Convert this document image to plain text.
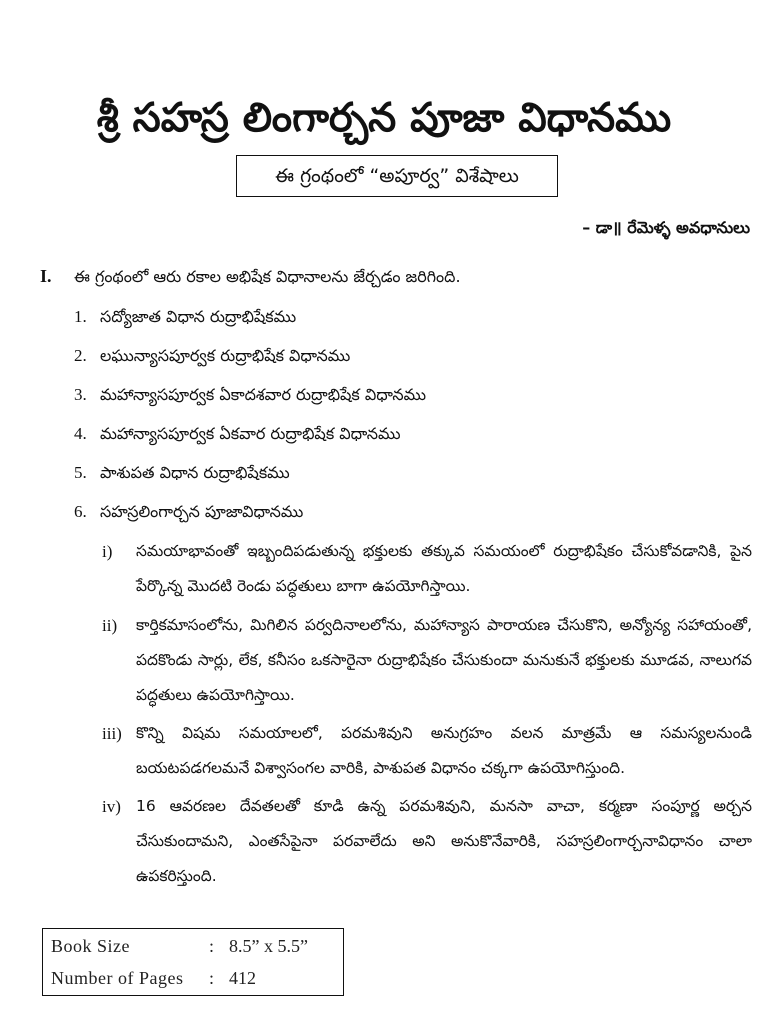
శ్రీ సహస్ర లింగార్చన పూజా విధానము
ఈ గ్రంథంలో “అపూర్వ” విశేషాలు
– డా॥ రేమెళ్ళ అవధానులు
I. ఈ గ్రంథంలో ఆరు రకాల అభిషేక విధానాలను జేర్చడం జరిగింది.
1. సద్యోజాత విధాన రుద్రాభిషేకము
2. లఘున్యాసపూర్వక రుద్రాభిషేక విధానము
3. మహాన్యాసపూర్వక ఏకాదశవార రుద్రాభిషేక విధానము
4. మహాన్యాసపూర్వక ఏకవార రుద్రాభిషేక విధానము
5. పాశుపత విధాన రుద్రాభిషేకము
6. సహస్రలింగార్చన పూజావిధానము
i)	సమయాభావంతో ఇబ్బందిపడుతున్న భక్తులకు తక్కువ సమయంలో రుద్రాభిషేకం చేసుకోవడానికి, పైన పేర్కొన్న మొదటి రెండు పద్ధతులు బాగా ఉపయోగిస్తాయి.
ii)	కార్తికమాసంలోను, మిగిలిన పర్వదినాలలోను, మహాన్యాస పారాయణ చేసుకొని, అన్యోన్య సహాయంతో, పదకొండు సార్లు, లేక, కనీసం ఒకసారైనా రుద్రాభిషేకం చేసుకుందా మనుకునే భక్తులకు మూడవ, నాలుగవ పద్ధతులు ఉపయోగిస్తాయి.
iii) కొన్ని విషమ సమయాలలో, పరమశివుని అనుగ్రహం వలన మాత్రమే ఆ సమస్యలనుండి బయటపడగలమనే విశ్వాసంగల వారికి, పాశుపత విధానం చక్కగా ఉపయోగిస్తుంది.
iv) 16 ఆవరణల దేవతలతో కూడి ఉన్న పరమశివుని, మనసా వాచా, కర్మణా సంపూర్ణ అర్చన చేసుకుందామని, ఎంతసేపైనా పరవాలేదు అని అనుకొనేవారికి, సహస్రలింగార్చనావిధానం చాలా ఉపకరిస్తుంది.
Book Size	: 8.5” x 5.5”
Number of Pages : 412
